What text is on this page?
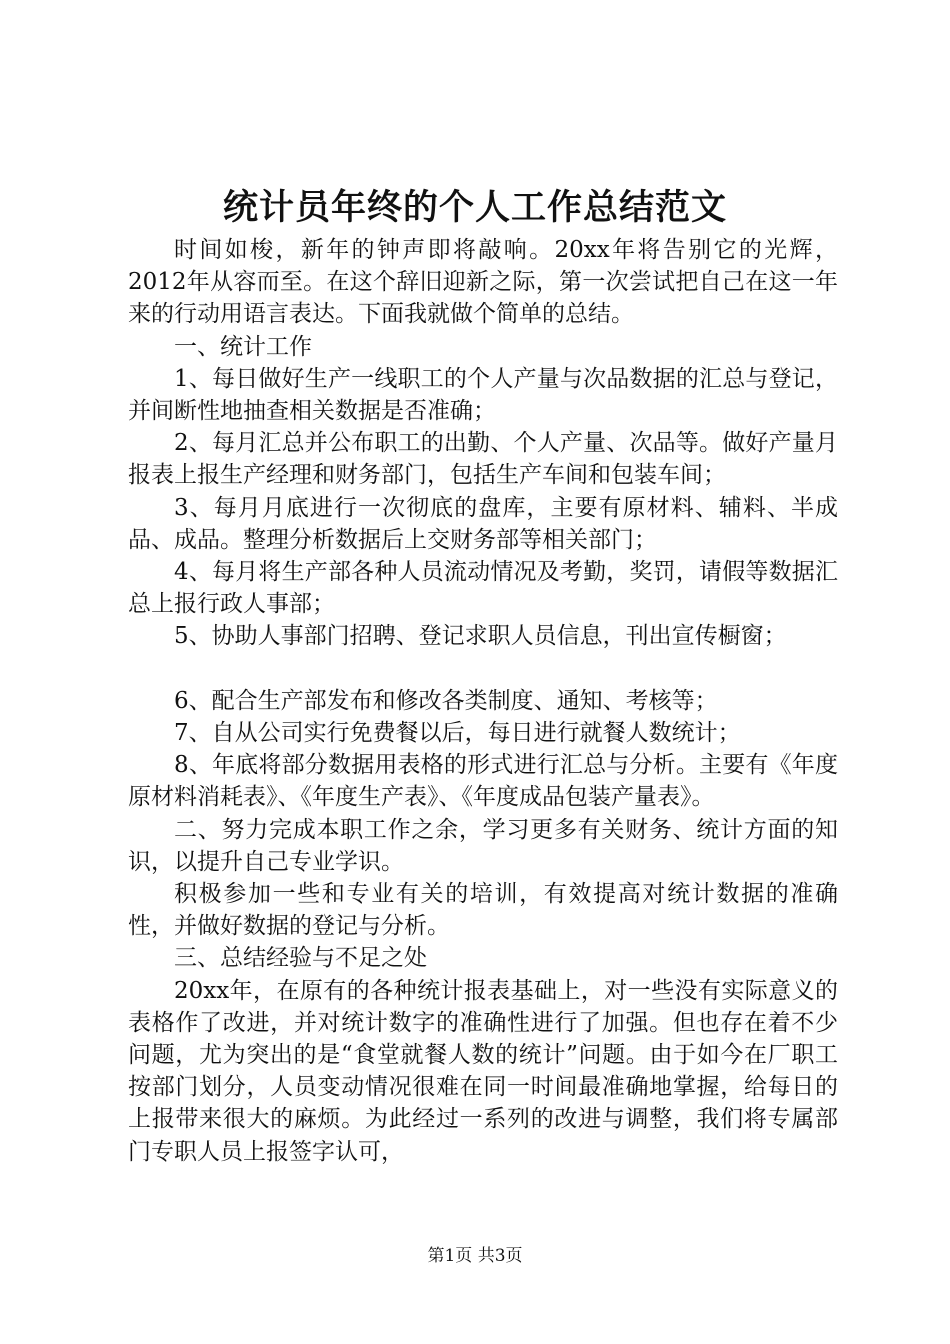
统计员年终的个人工作总结范文

时间如梭，新年的钟声即将敲响。20xx年将告别它的光辉，2012年从容而至。在这个辞旧迎新之际，第一次尝试把自己在这一年来的行动用语言表达。下面我就做个简单的总结。

一、统计工作

1、每日做好生产一线职工的个人产量与次品数据的汇总与登记，并间断性地抽查相关数据是否准确；

2、每月汇总并公布职工的出勤、个人产量、次品等。做好产量月报表上报生产经理和财务部门，包括生产车间和包装车间；

3、每月月底进行一次彻底的盘库，主要有原材料、辅料、半成品、成品。整理分析数据后上交财务部等相关部门；

4、每月将生产部各种人员流动情况及考勤，奖罚，请假等数据汇总上报行政人事部；

5、协助人事部门招聘、登记求职人员信息，刊出宣传橱窗；

6、配合生产部发布和修改各类制度、通知、考核等；

7、自从公司实行免费餐以后，每日进行就餐人数统计；

8、年底将部分数据用表格的形式进行汇总与分析。主要有《年度原材料消耗表》、《年度生产表》、《年度成品包装产量表》。

二、努力完成本职工作之余，学习更多有关财务、统计方面的知识，以提升自己专业学识。

积极参加一些和专业有关的培训，有效提高对统计数据的准确性，并做好数据的登记与分析。

三、总结经验与不足之处

20xx年，在原有的各种统计报表基础上，对一些没有实际意义的表格作了改进，并对统计数字的准确性进行了加强。但也存在着不少问题，尤为突出的是“食堂就餐人数的统计”问题。由于如今在厂职工按部门划分，人员变动情况很难在同一时间最准确地掌握，给每日的上报带来很大的麻烦。为此经过一系列的改进与调整，我们将专属部门专职人员上报签字认可，

第1页 共3页
